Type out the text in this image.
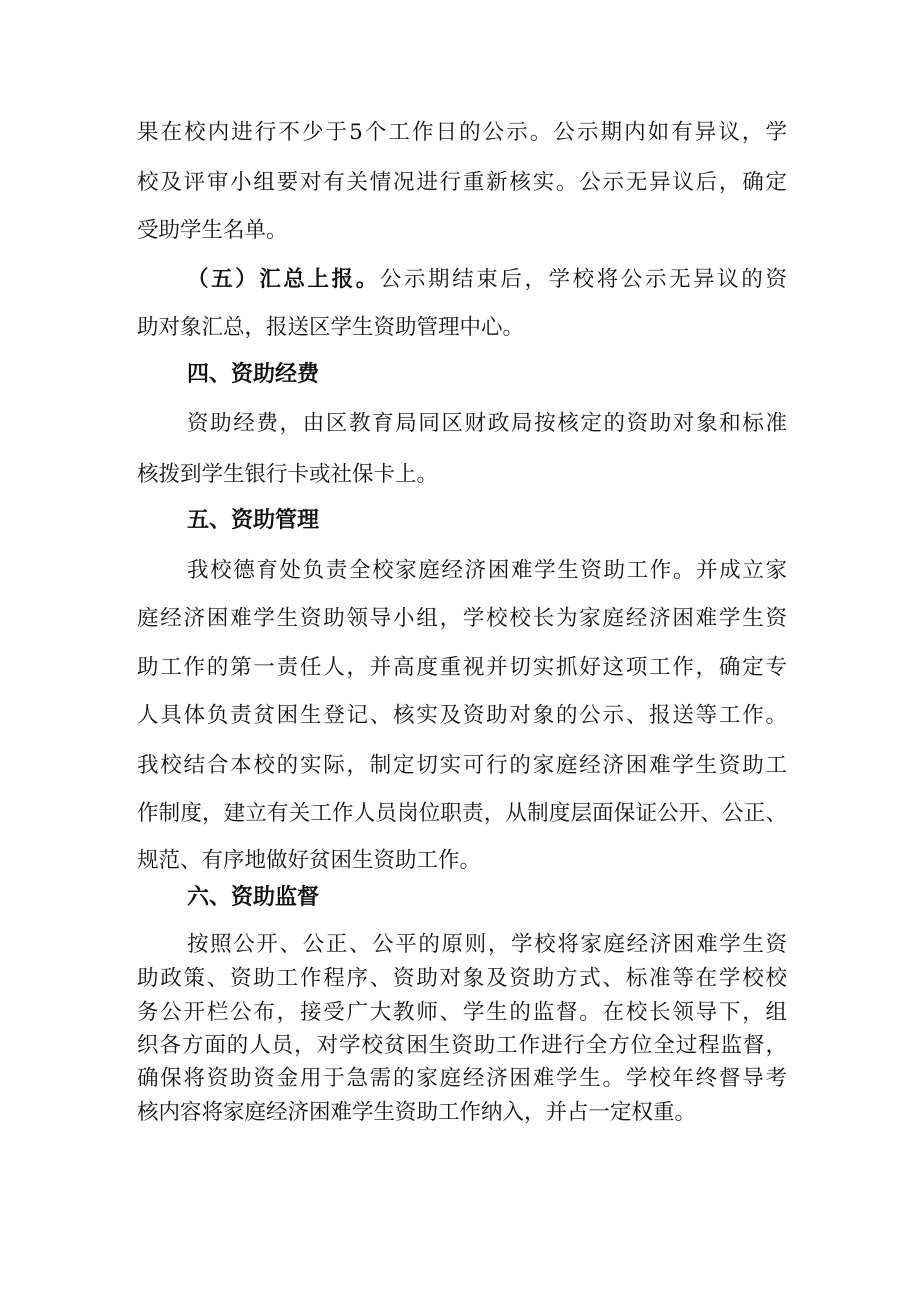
果在校内进行不少于5个工作日的公示。公示期内如有异议，学
校及评审小组要对有关情况进行重新核实。公示无异议后，确定
受助学生名单。
（五）汇总上报。公示期结束后，学校将公示无异议的资
助对象汇总，报送区学生资助管理中心。
四、资助经费
资助经费，由区教育局同区财政局按核定的资助对象和标准
核拨到学生银行卡或社保卡上。
五、资助管理
我校德育处负责全校家庭经济困难学生资助工作。并成立家
庭经济困难学生资助领导小组，学校校长为家庭经济困难学生资
助工作的第一责任人，并高度重视并切实抓好这项工作，确定专
人具体负责贫困生登记、核实及资助对象的公示、报送等工作。
我校结合本校的实际，制定切实可行的家庭经济困难学生资助工
作制度，建立有关工作人员岗位职责，从制度层面保证公开、公正、
规范、有序地做好贫困生资助工作。
六、资助监督
按照公开、公正、公平的原则，学校将家庭经济困难学生资
助政策、资助工作程序、资助对象及资助方式、标准等在学校校
务公开栏公布，接受广大教师、学生的监督。在校长领导下，组
织各方面的人员，对学校贫困生资助工作进行全方位全过程监督，
确保将资助资金用于急需的家庭经济困难学生。学校年终督导考
核内容将家庭经济困难学生资助工作纳入，并占一定权重。
